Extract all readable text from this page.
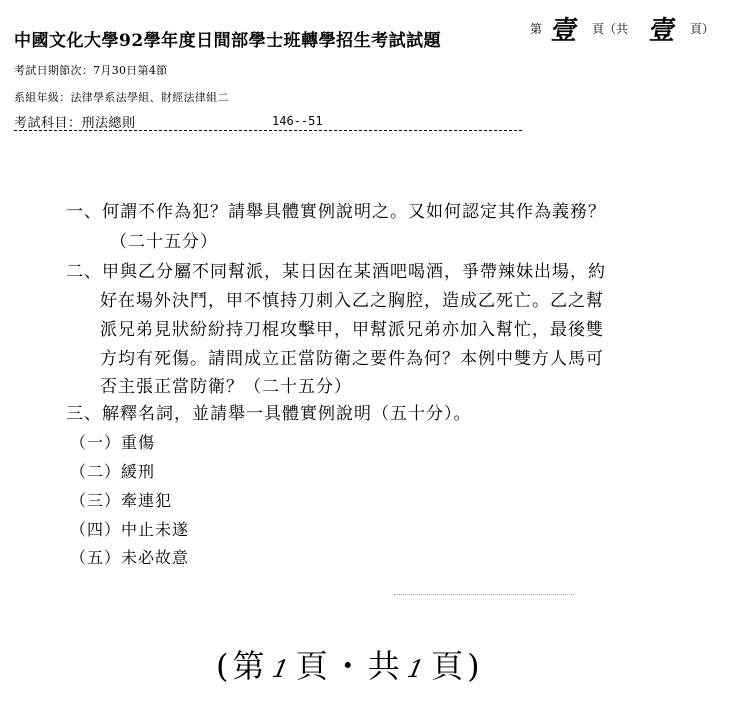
中國文化大學92學年度日間部學士班轉學招生考試試題
第 壹 頁（共 壹 頁）
考試日期節次：7月30日第4節
系組年級：法律學系法學組、財經法律組二
考試科目：刑法總則	146--51
一、何謂不作為犯？請舉具體實例說明之。又如何認定其作為義務？
（二十五分）
二、甲與乙分屬不同幫派，某日因在某酒吧喝酒，爭帶辣妹出場，約
好在場外決鬥，甲不慎持刀刺入乙之胸腔，造成乙死亡。乙之幫
派兄弟見狀紛紛持刀棍攻擊甲，甲幫派兄弟亦加入幫忙，最後雙
方均有死傷。請問成立正當防衛之要件為何？本例中雙方人馬可
否主張正當防衛？（二十五分）
三、解釋名詞，並請舉一具體實例說明（五十分）。
（一）重傷
（二）緩刑
（三）牽連犯
（四）中止未遂
（五）未必故意
(第1頁・共1頁)
